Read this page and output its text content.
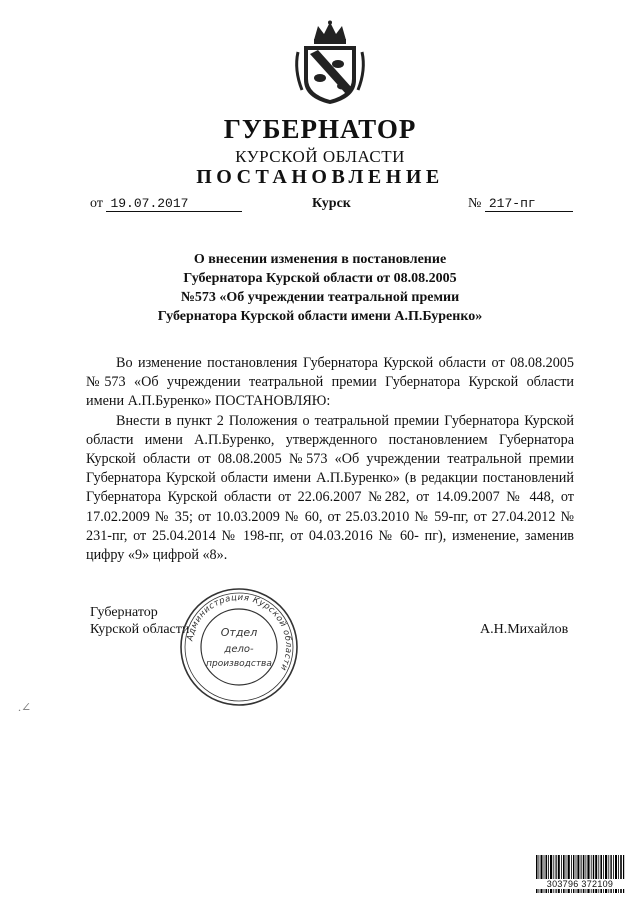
ГУБЕРНАТОР
КУРСКОЙ ОБЛАСТИ
ПОСТАНОВЛЕНИЕ
от 19.07.2017	Курск	№ 217-пг
О внесении изменения в постановление
Губернатора Курской области от 08.08.2005
№573 «Об учреждении театральной премии
Губернатора Курской области имени А.П.Буренко»

Во изменение постановления Губернатора Курской области от 08.08.2005 №573 «Об учреждении театральной премии Губернатора Курской области имени А.П.Буренко» ПОСТАНОВЛЯЮ:

Внести в пункт 2 Положения о театральной премии Губернатора Курской области имени А.П.Буренко, утвержденного постановлением Губернатора Курской области от 08.08.2005 №573 «Об учреждении театральной премии Губернатора Курской области имени А.П.Буренко» (в редакции постановлений Губернатора Курской области от 22.06.2007 №282, от 14.09.2007 № 448, от 17.02.2009 № 35; от 10.03.2009 № 60, от 25.03.2010 № 59-пг, от 27.04.2012 № 231-пг, от 25.04.2014 № 198-пг, от 04.03.2016 № 60- пг), изменение, заменив цифру «9» цифрой «8».

Губернатор
Курской области	А.Н.Михайлов
Администрация Курской области
Отдел
дело-
производства
.∠
303796 372109
